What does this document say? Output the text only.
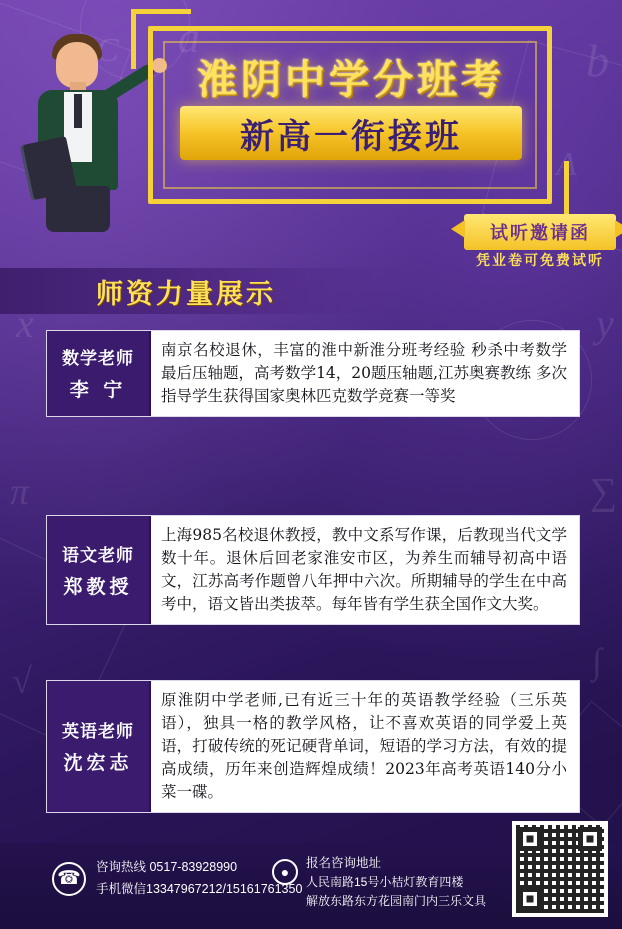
a	b
x	y
π	∑
√	∫
C
A
淮阴中学分班考
新高一衔接班
试听邀请函
凭业卷可免费试听
师资力量展示
数学老师
李 宁
南京名校退休，丰富的淮中新淮分班考经验 秒杀中考数学最后压轴题，高考数学14，20题压轴题,江苏奥赛教练 多次指导学生获得国家奥林匹克数学竞赛一等奖
语文老师
郑教授
上海985名校退休教授，教中文系写作课，后教现当代文学数十年。退休后回老家淮安市区，为养生而辅导初高中语文，江苏高考作题曾八年押中六次。所期辅导的学生在中高考中，语文皆出类拔萃。每年皆有学生获全国作文大奖。
英语老师
沈宏志
原淮阴中学老师,已有近三十年的英语教学经验（三乐英语），独具一格的教学风格，让不喜欢英语的同学爱上英语，打破传统的死记硬背单词，短语的学习方法，有效的提高成绩，历年来创造辉煌成绩！2023年高考英语140分小菜一碟。
☎
咨询热线 0517-83928990
手机微信13347967212/15161761350
●
报名咨询地址
人民南路15号小桔灯教育四楼
解放东路东方花园南门内三乐文具
